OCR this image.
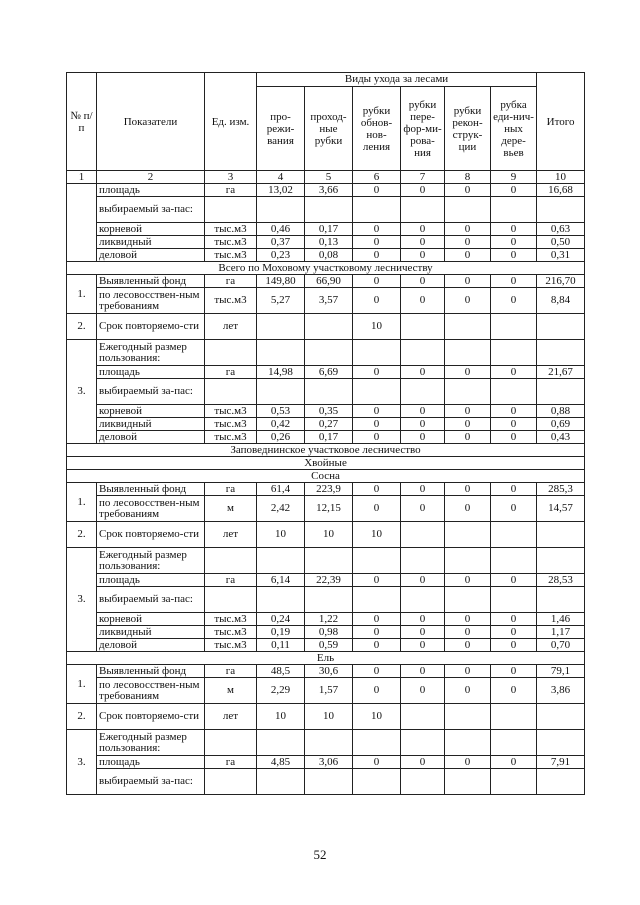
№ п/п	Показатели	Ед. изм.	Виды ухода за лесами						Итого
			про-режи-вания	проход-ные рубки	рубки обнов-нов-ления	рубки пере-фор-ми-рова-ния	рубки рекон-струк-ции	рубка еди-нич-ных дере-вьев	
1	2	3	4	5	6	7	8	9	10
	площадь	га	13,02	3,66	0	0	0	0	16,68
	выбираемый за-пас:								
	корневой	тыс.м3	0,46	0,17	0	0	0	0	0,63
	ликвидный	тыс.м3	0,37	0,13	0	0	0	0	0,50
	деловой	тыс.м3	0,23	0,08	0	0	0	0	0,31
Всего по Моховому участковому лесничеству									
1.	Выявленный фонд	га	149,80	66,90	0	0	0	0	216,70
	по лесовосствен-ным требованиям	тыс.м3	5,27	3,57	0	0	0	0	8,84
2.	Срок повторяемо-сти	лет			10				
3.	Ежегодный размер пользования:								
	площадь	га	14,98	6,69	0	0	0	0	21,67
	выбираемый за-пас:								
	корневой	тыс.м3	0,53	0,35	0	0	0	0	0,88
	ликвидный	тыс.м3	0,42	0,27	0	0	0	0	0,69
	деловой	тыс.м3	0,26	0,17	0	0	0	0	0,43
Заповеднинское участковое лесничество									
Хвойные									
Сосна									
1.	Выявленный фонд	га	61,4	223,9	0	0	0	0	285,3
	по лесовосствен-ным требованиям	м	2,42	12,15	0	0	0	0	14,57
2.	Срок повторяемо-сти	лет	10	10	10				
3.	Ежегодный размер пользования:								
	площадь	га	6,14	22,39	0	0	0	0	28,53
	выбираемый за-пас:								
	корневой	тыс.м3	0,24	1,22	0	0	0	0	1,46
	ликвидный	тыс.м3	0,19	0,98	0	0	0	0	1,17
	деловой	тыс.м3	0,11	0,59	0	0	0	0	0,70
Ель									
1.	Выявленный фонд	га	48,5	30,6	0	0	0	0	79,1
	по лесовосствен-ным требованиям	м	2,29	1,57	0	0	0	0	3,86
2.	Срок повторяемо-сти	лет	10	10	10				
3.	Ежегодный размер пользования:								
	площадь	га	4,85	3,06	0	0	0	0	7,91
	выбираемый за-пас:								
52
